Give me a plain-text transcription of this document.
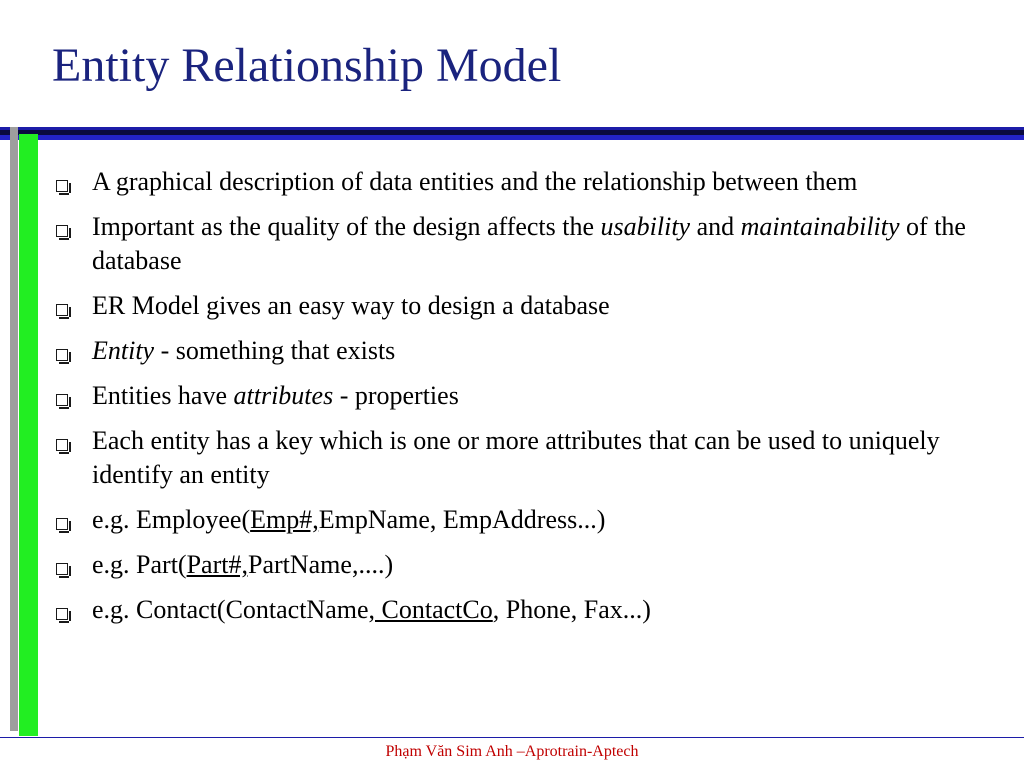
Entity Relationship Model
A graphical description of data entities and the relationship between them
Important as the quality of the design affects the usability and maintainability of the database
ER Model gives an easy way to design a database
Entity - something that exists
Entities have attributes - properties
Each entity has a key which is one or more attributes that can be used to uniquely identify an entity
e.g. Employee(Emp#,EmpName, EmpAddress...)
e.g. Part(Part#,PartName,....)
e.g. Contact(ContactName, ContactCo, Phone, Fax...)
Phạm Văn Sim Anh –Aprotrain-Aptech
